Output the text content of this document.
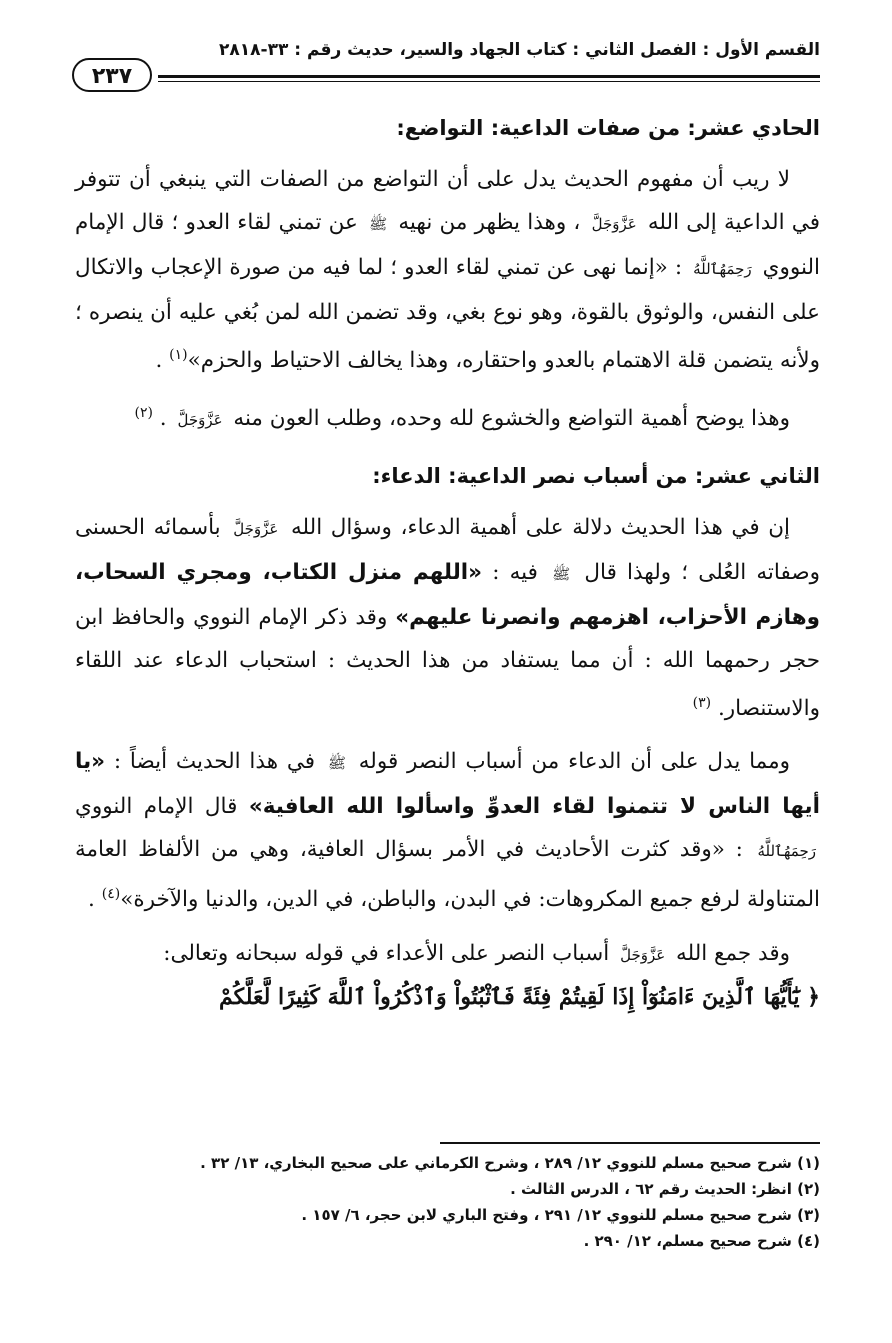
القسم الأول : الفصل الثاني : كتاب الجهاد والسير، حديث رقم : ٣٣-٢٨١٨
٢٣٧
الحادي عشر: من صفات الداعية: التواضع:

لا ريب أن مفهوم الحديث يدل على أن التواضع من الصفات التي ينبغي أن تتوفر في الداعية إلى الله عَزَّوَجَلَّ ، وهذا يظهر من نهيه ﷺ عن تمني لقاء العدو ؛ قال الإمام النووي رَحِمَهُٱللَّهُ : «إنما نهى عن تمني لقاء العدو ؛ لما فيه من صورة الإعجاب والاتكال على النفس، والوثوق بالقوة، وهو نوع بغي، وقد تضمن الله لمن بُغي عليه أن ينصره ؛ ولأنه يتضمن قلة الاهتمام بالعدو واحتقاره، وهذا يخالف الاحتياط والحزم»$^{(١)}$ .

وهذا يوضح أهمية التواضع والخشوع لله وحده، وطلب العون منه عَزَّوَجَلَّ . $^{(٢)}$

الثاني عشر: من أسباب نصر الداعية: الدعاء:

إن في هذا الحديث دلالة على أهمية الدعاء، وسؤال الله عَزَّوَجَلَّ بأسمائه الحسنى وصفاته العُلى ؛ ولهذا قال ﷺ فيه : «اللهم منزل الكتاب، ومجري السحاب، وهازم الأحزاب، اهزمهم وانصرنا عليهم» وقد ذكر الإمام النووي والحافظ ابن حجر رحمهما الله : أن مما يستفاد من هذا الحديث : استحباب الدعاء عند اللقاء والاستنصار. $^{(٣)}$

ومما يدل على أن الدعاء من أسباب النصر قوله ﷺ في هذا الحديث أيضاً : «يا أيها الناس لا تتمنوا لقاء العدوِّ واسألوا الله العافية» قال الإمام النووي رَحِمَهُٱللَّهُ : «وقد كثرت الأحاديث في الأمر بسؤال العافية، وهي من الألفاظ العامة المتناولة لرفع جميع المكروهات: في البدن، والباطن، في الدين، والدنيا والآخرة»$^{(٤)}$ .

وقد جمع الله عَزَّوَجَلَّ أسباب النصر على الأعداء في قوله سبحانه وتعالى:

﴿ يَٰٓأَيُّهَا ٱلَّذِينَ ءَامَنُوٓاْ إِذَا لَقِيتُمْ فِئَةً فَٱثْبُتُواْ وَٱذْكُرُواْ ٱللَّهَ كَثِيرًا لَّعَلَّكُمْ

(١) شرح صحيح مسلم للنووي ١٢/ ٢٨٩ ، وشرح الكرماني على صحيح البخاري، ١٣/ ٣٢ .
(٢) انظر: الحديث رقم ٦٢ ، الدرس الثالث .
(٣) شرح صحيح مسلم للنووي ١٢/ ٢٩١ ، وفتح الباري لابن حجر، ٦/ ١٥٧ .
(٤) شرح صحيح مسلم، ١٢/ ٢٩٠ .
